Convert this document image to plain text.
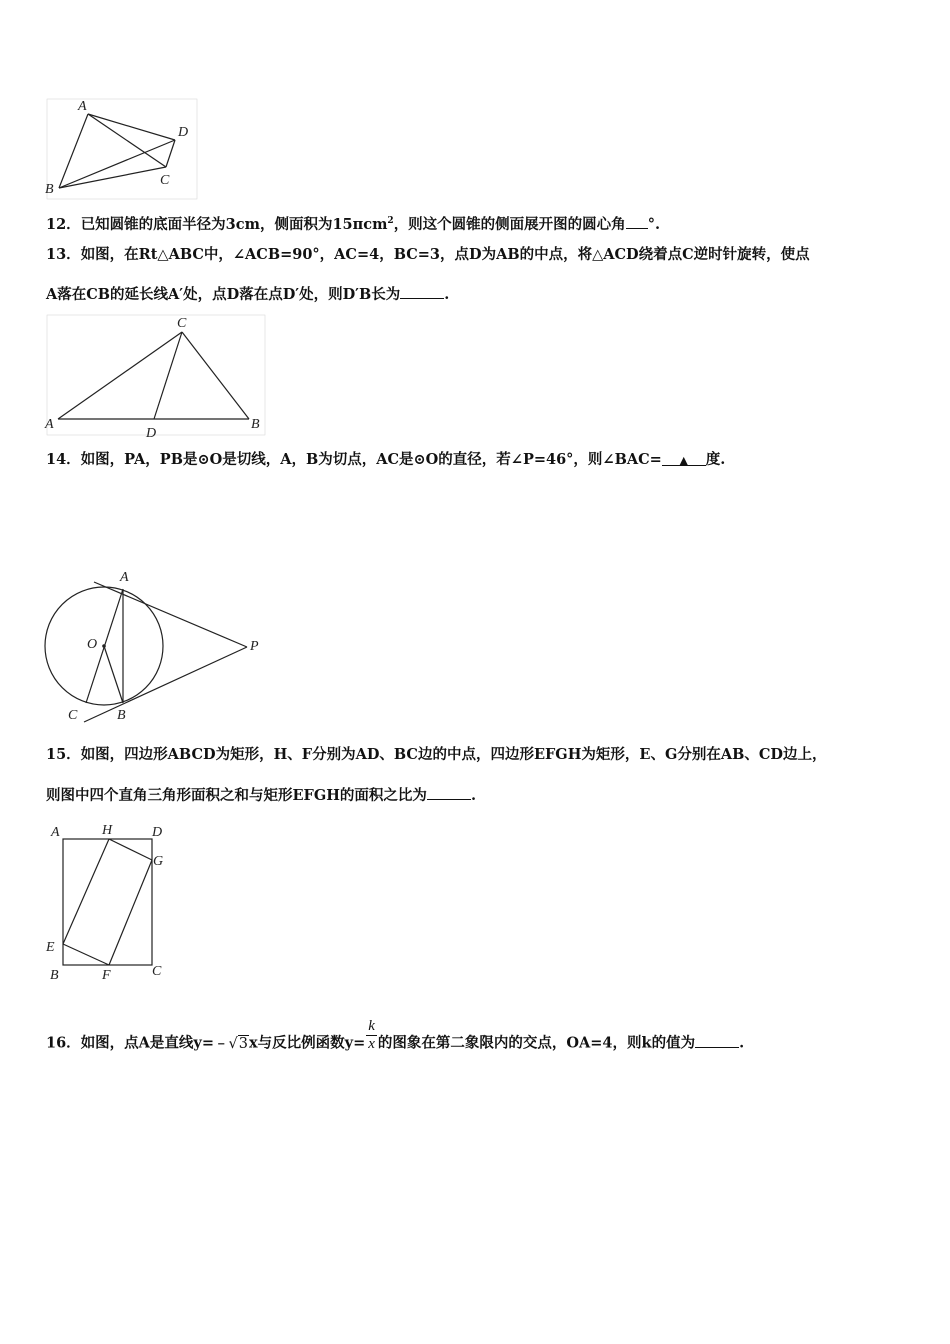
A
D
B
C
12．已知圆锥的底面半径为3cm，侧面积为15πcm$^2$，则这个圆锥的侧面展开图的圆心角 °.
13．如图，在Rt△ABC中，∠ACB=90°，AC=4，BC=3，点D为AB的中点，将△ACD绕着点C逆时针旋转，使点
A落在CB的延长线A′处，点D落在点D′处，则D′B长为	.
C
A
D
B
14．如图，PA，PB是⊙O是切线，A，B为切点，AC是⊙O的直径，若∠P=46°，则∠BAC= ▲ 度.
A
O	P
C	B
15．如图，四边形ABCD为矩形，H、F分别为AD、BC边的中点，四边形EFGH为矩形，E、G分别在AB、CD边上，
则图中四个直角三角形面积之和与矩形EFGH的面积之比为	.
A	H	D
G
E
B	F	C
16．如图，点A是直线y=﹣√3x与反比例函数$y= \frac{k}{x}$ 的图象在第二象限内的交点，OA=4，则k的值为	.
